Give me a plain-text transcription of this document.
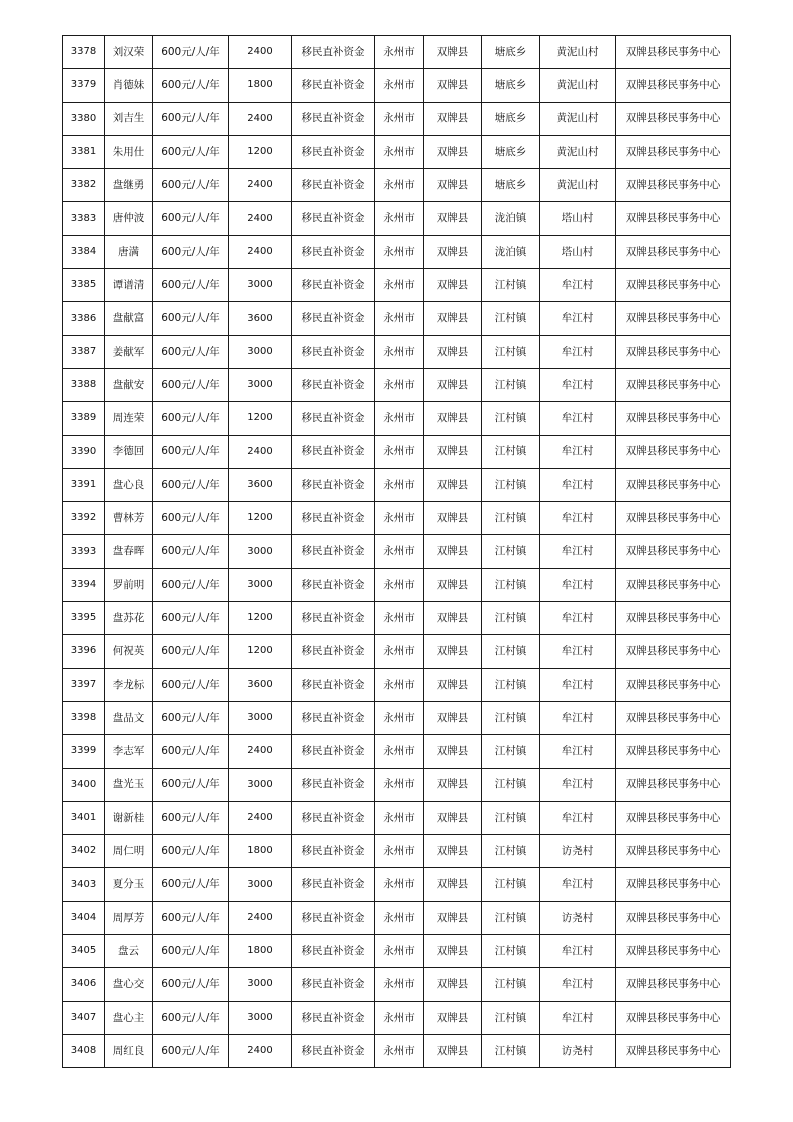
3378	刘汉荣	600元/人/年	2400	移民直补资金	永州市	双牌县	塘底乡	黄泥山村	双牌县移民事务中心
3379	肖德妹	600元/人/年	1800	移民直补资金	永州市	双牌县	塘底乡	黄泥山村	双牌县移民事务中心
3380	刘吉生	600元/人/年	2400	移民直补资金	永州市	双牌县	塘底乡	黄泥山村	双牌县移民事务中心
3381	朱用仕	600元/人/年	1200	移民直补资金	永州市	双牌县	塘底乡	黄泥山村	双牌县移民事务中心
3382	盘继勇	600元/人/年	2400	移民直补资金	永州市	双牌县	塘底乡	黄泥山村	双牌县移民事务中心
3383	唐仲波	600元/人/年	2400	移民直补资金	永州市	双牌县	泷泊镇	塔山村	双牌县移民事务中心
3384	唐满	600元/人/年	2400	移民直补资金	永州市	双牌县	泷泊镇	塔山村	双牌县移民事务中心
3385	谭谱清	600元/人/年	3000	移民直补资金	永州市	双牌县	江村镇	牟江村	双牌县移民事务中心
3386	盘献富	600元/人/年	3600	移民直补资金	永州市	双牌县	江村镇	牟江村	双牌县移民事务中心
3387	姜献军	600元/人/年	3000	移民直补资金	永州市	双牌县	江村镇	牟江村	双牌县移民事务中心
3388	盘献安	600元/人/年	3000	移民直补资金	永州市	双牌县	江村镇	牟江村	双牌县移民事务中心
3389	周连荣	600元/人/年	1200	移民直补资金	永州市	双牌县	江村镇	牟江村	双牌县移民事务中心
3390	李德回	600元/人/年	2400	移民直补资金	永州市	双牌县	江村镇	牟江村	双牌县移民事务中心
3391	盘心良	600元/人/年	3600	移民直补资金	永州市	双牌县	江村镇	牟江村	双牌县移民事务中心
3392	曹林芳	600元/人/年	1200	移民直补资金	永州市	双牌县	江村镇	牟江村	双牌县移民事务中心
3393	盘春晖	600元/人/年	3000	移民直补资金	永州市	双牌县	江村镇	牟江村	双牌县移民事务中心
3394	罗前明	600元/人/年	3000	移民直补资金	永州市	双牌县	江村镇	牟江村	双牌县移民事务中心
3395	盘苏花	600元/人/年	1200	移民直补资金	永州市	双牌县	江村镇	牟江村	双牌县移民事务中心
3396	何祝英	600元/人/年	1200	移民直补资金	永州市	双牌县	江村镇	牟江村	双牌县移民事务中心
3397	李龙标	600元/人/年	3600	移民直补资金	永州市	双牌县	江村镇	牟江村	双牌县移民事务中心
3398	盘品文	600元/人/年	3000	移民直补资金	永州市	双牌县	江村镇	牟江村	双牌县移民事务中心
3399	李志军	600元/人/年	2400	移民直补资金	永州市	双牌县	江村镇	牟江村	双牌县移民事务中心
3400	盘光玉	600元/人/年	3000	移民直补资金	永州市	双牌县	江村镇	牟江村	双牌县移民事务中心
3401	谢新桂	600元/人/年	2400	移民直补资金	永州市	双牌县	江村镇	牟江村	双牌县移民事务中心
3402	周仁明	600元/人/年	1800	移民直补资金	永州市	双牌县	江村镇	访尧村	双牌县移民事务中心
3403	夏分玉	600元/人/年	3000	移民直补资金	永州市	双牌县	江村镇	牟江村	双牌县移民事务中心
3404	周厚芳	600元/人/年	2400	移民直补资金	永州市	双牌县	江村镇	访尧村	双牌县移民事务中心
3405	盘云	600元/人/年	1800	移民直补资金	永州市	双牌县	江村镇	牟江村	双牌县移民事务中心
3406	盘心交	600元/人/年	3000	移民直补资金	永州市	双牌县	江村镇	牟江村	双牌县移民事务中心
3407	盘心主	600元/人/年	3000	移民直补资金	永州市	双牌县	江村镇	牟江村	双牌县移民事务中心
3408	周红良	600元/人/年	2400	移民直补资金	永州市	双牌县	江村镇	访尧村	双牌县移民事务中心
